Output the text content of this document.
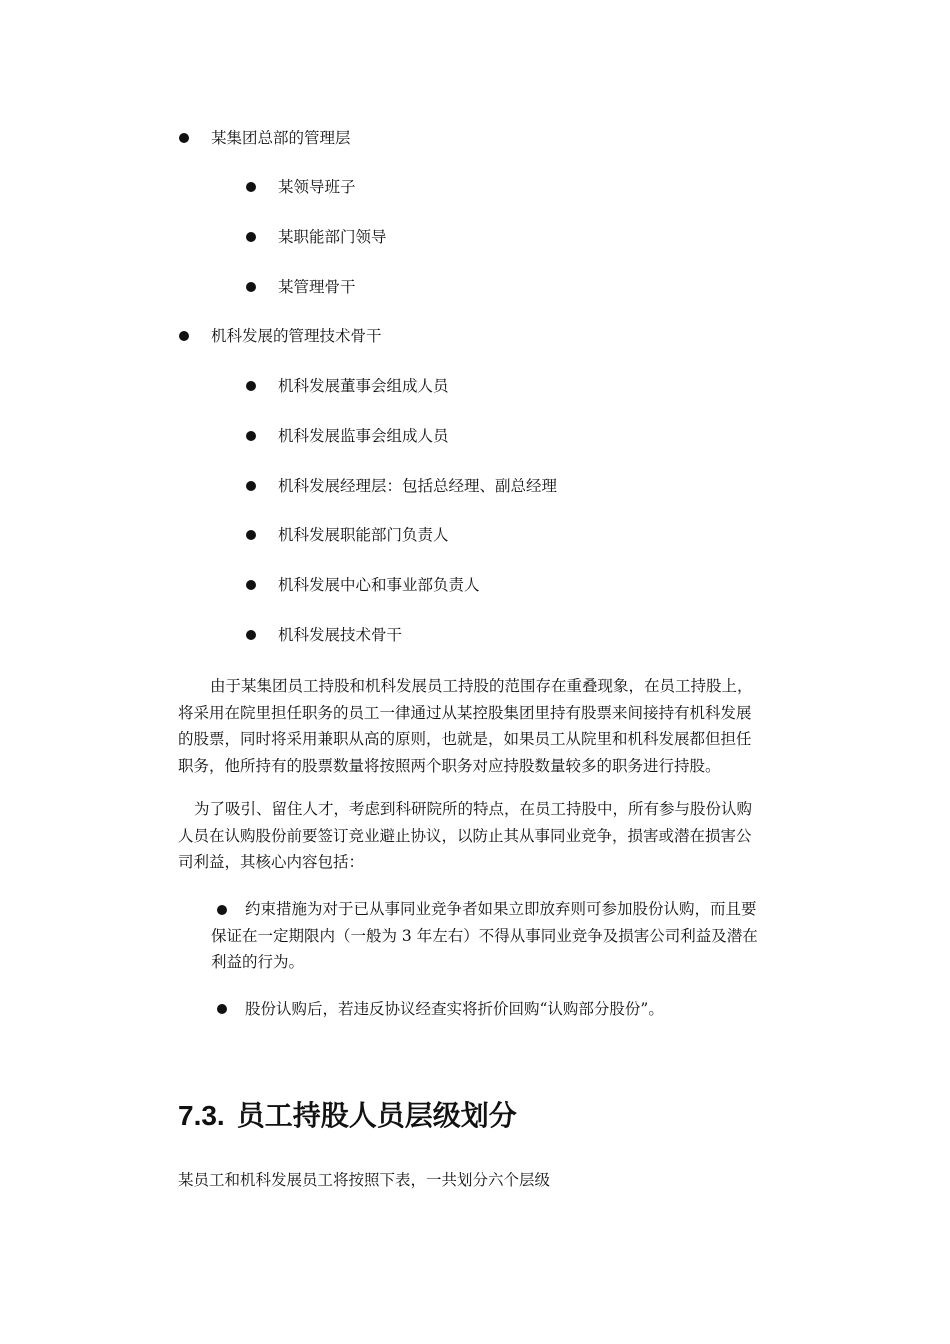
某集团总部的管理层
某领导班子
某职能部门领导
某管理骨干
机科发展的管理技术骨干
机科发展董事会组成人员
机科发展监事会组成人员
机科发展经理层：包括总经理、副总经理
机科发展职能部门负责人
机科发展中心和事业部负责人
机科发展技术骨干
由于某集团员工持股和机科发展员工持股的范围存在重叠现象，在员工持股上，
将采用在院里担任职务的员工一律通过从某控股集团里持有股票来间接持有机科发展
的股票，同时将采用兼职从高的原则，也就是，如果员工从院里和机科发展都但担任
职务，他所持有的股票数量将按照两个职务对应持股数量较多的职务进行持股。
为了吸引、留住人才，考虑到科研院所的特点，在员工持股中，所有参与股份认购
人员在认购股份前要签订竞业避止协议，以防止其从事同业竞争，损害或潜在损害公
司利益，其核心内容包括：
约束措施为对于已从事同业竞争者如果立即放弃则可参加股份认购，而且要
保证在一定期限内（一般为 3 年左右）不得从事同业竞争及损害公司利益及潜在
利益的行为。
股份认购后，若违反协议经查实将折价回购“认购部分股份”。
7.3. 员工持股人员层级划分
某员工和机科发展员工将按照下表，一共划分六个层级
